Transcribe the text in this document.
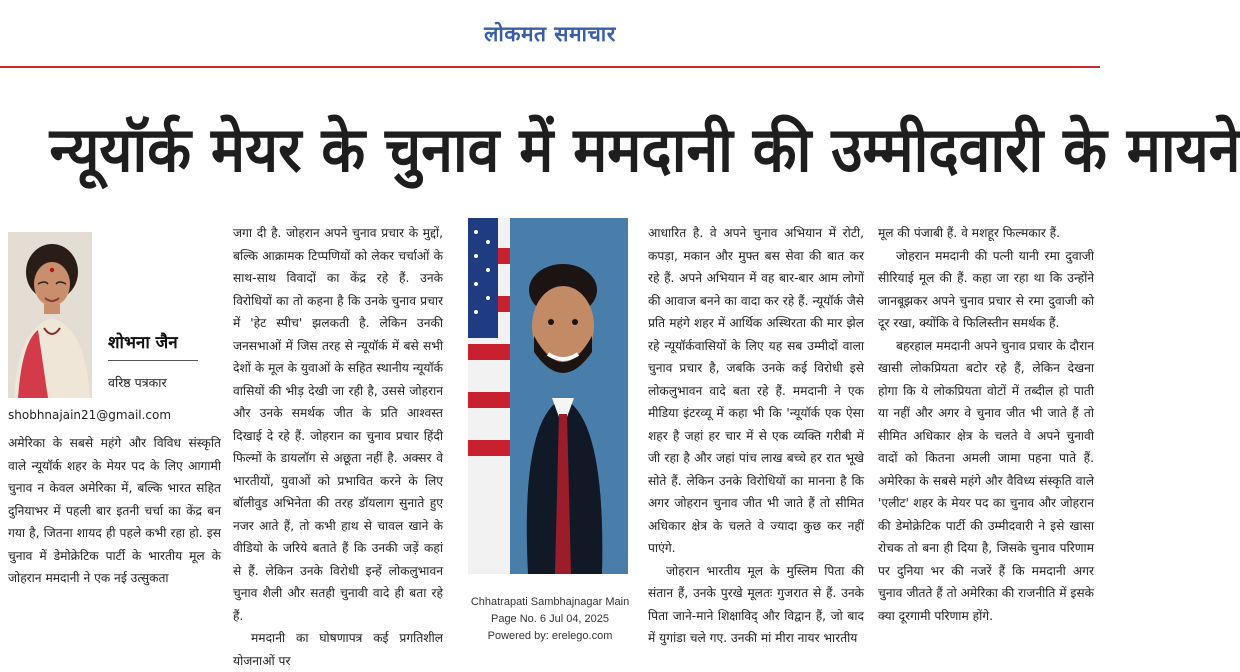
लोकमत समाचार
न्यूयॉर्क मेयर के चुनाव में ममदानी की उम्मीदवारी के मायने
शोभना जैन
वरिष्ठ पत्रकार
shobhnajain21@gmail.com

अमेरिका के सबसे महंगे और विविध संस्कृति वाले न्यूयॉर्क शहर के मेयर पद के लिए आगामी चुनाव न केवल अमेरिका में, बल्कि भारत सहित दुनियाभर में पहली बार इतनी चर्चा का केंद्र बन गया है, जितना शायद ही पहले कभी रहा हो. इस चुनाव में डेमोक्रेटिक पार्टी के भारतीय मूल के जोहरान ममदानी ने एक नई उत्सुकता

जगा दी है. जोहरान अपने चुनाव प्रचार के मुद्दों, बल्कि आक्रामक टिप्पणियों को लेकर चर्चाओं के साथ-साथ विवादों का केंद्र रहे हैं. उनके विरोधियों का तो कहना है कि उनके चुनाव प्रचार में 'हेट स्पीच' झलकती है. लेकिन उनकी जनसभाओं में जिस तरह से न्यूयॉर्क में बसे सभी देशों के मूल के युवाओं के सहित स्थानीय न्यूयॉर्क वासियों की भीड़ देखी जा रही है, उससे जोहरान और उनके समर्थक जीत के प्रति आश्वस्त दिखाई दे रहे हैं. जोहरान का चुनाव प्रचार हिंदी फिल्मों के डायलॉग से अछूता नहीं है. अक्सर वे भारतीयों, युवाओं को प्रभावित करने के लिए बॉलीवुड अभिनेता की तरह डॉयलाग सुनाते हुए नजर आते हैं, तो कभी हाथ से चावल खाने के वीडियो के जरिये बताते हैं कि उनकी जड़ें कहां से हैं. लेकिन उनके विरोधी इन्हें लोकलुभावन चुनाव शैली और सतही चुनावी वादे ही बता रहे हैं.

ममदानी का घोषणापत्र कई प्रगतिशील योजनाओं पर

आधारित है. वे अपने चुनाव अभियान में रोटी, कपड़ा, मकान और मुफ्त बस सेवा की बात कर रहे हैं. अपने अभियान में वह बार-बार आम लोगों की आवाज बनने का वादा कर रहे हैं. न्यूयॉर्क जैसे प्रति महंगे शहर में आर्थिक अस्थिरता की मार झेल रहे न्यूयॉर्कवासियों के लिए यह सब उम्मीदों वाला चुनाव प्रचार है, जबकि उनके कई विरोधी इसे लोकलुभावन वादे बता रहे हैं. ममदानी ने एक मीडिया इंटरव्यू में कहा भी कि 'न्यूयॉर्क एक ऐसा शहर है जहां हर चार में से एक व्यक्ति गरीबी में जी रहा है और जहां पांच लाख बच्चे हर रात भूखे सोते हैं. लेकिन उनके विरोधियों का मानना है कि अगर जोहरान चुनाव जीत भी जाते हैं तो सीमित अधिकार क्षेत्र के चलते वे ज्यादा कुछ कर नहीं पाएंगे.

जोहरान भारतीय मूल के मुस्लिम पिता की संतान हैं, उनके पुरखे मूलतः गुजरात से हैं. उनके पिता जाने-माने शिक्षाविद् और विद्वान हैं, जो बाद में युगांडा चले गए. उनकी मां मीरा नायर भारतीय

मूल की पंजाबी हैं. वे मशहूर फिल्मकार हैं.

जोहरान ममदानी की पत्नी यानी रमा दुवाजी सीरियाई मूल की हैं. कहा जा रहा था कि उन्होंने जानबूझकर अपने चुनाव प्रचार से रमा दुवाजी को दूर रखा, क्योंकि वे फिलिस्तीन समर्थक हैं.

बहरहाल ममदानी अपने चुनाव प्रचार के दौरान खासी लोकप्रियता बटोर रहे हैं, लेकिन देखना होगा कि ये लोकप्रियता वोटों में तब्दील हो पाती या नहीं और अगर वे चुनाव जीत भी जाते हैं तो सीमित अधिकार क्षेत्र के चलते वे अपने चुनावी वादों को कितना अमली जामा पहना पाते हैं. अमेरिका के सबसे महंगे और वैविध्य संस्कृति वाले 'एलीट' शहर के मेयर पद का चुनाव और जोहरान की डेमोक्रेटिक पार्टी की उम्मीदवारी ने इसे खासा रोचक तो बना ही दिया है, जिसके चुनाव परिणाम पर दुनिया भर की नजरें हैं कि ममदानी अगर चुनाव जीतते हैं तो अमेरिका की राजनीति में इसके क्या दूरगामी परिणाम होंगे.

Chhatrapati Sambhajnagar Main
Page No. 6 Jul 04, 2025
Powered by: erelego.com
